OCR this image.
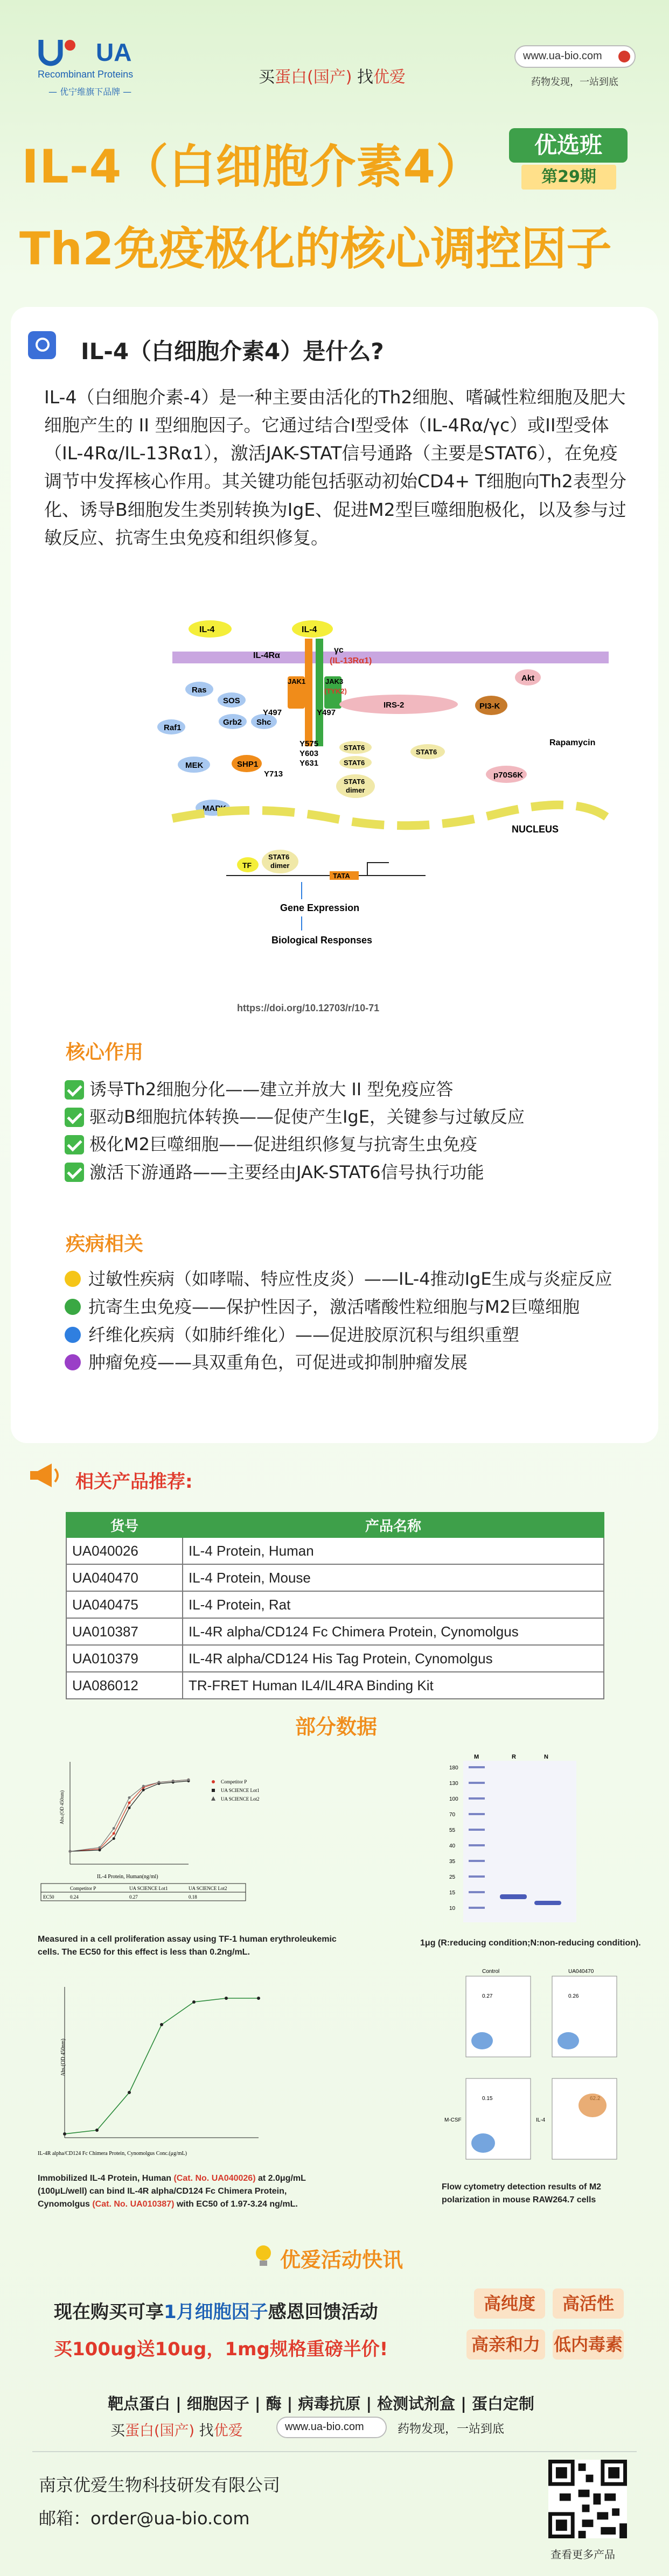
UA
Recombinant Proteins
— 优宁维旗下品牌 —
买蛋白(国产) 找优爱
www.ua-bio.com
药物发现，一站到底
IL-4（白细胞介素4）
Th2免疫极化的核心调控因子
优选班
第29期
IL-4（白细胞介素4）是什么?
IL-4（白细胞介素-4）是一种主要由活化的Th2细胞、嗜碱性粒细胞及肥大细胞产生的 II 型细胞因子。它通过结合I型受体（IL-4Rα/γc）或II型受体（IL-4Rα/IL-13Rα1），激活JAK-STAT信号通路（主要是STAT6），在免疫调节中发挥核心作用。其关键功能包括驱动初始CD4+ T细胞向Th2表型分化、诱导B细胞发生类别转换为IgE、促进M2型巨噬细胞极化，以及参与过敏反应、抗寄生虫免疫和组织修复。
IL-4	IL-4
IL-4Rα
γc
(IL-13Rα1)
Ras
SOS
Grb2 Shc
Raf1
MEK
MAPK
JAK1	JAK3
(TYK2)
Y497	Y497
IRS-2	PI3-K
Akt
Rapamycin
p70S6K
Y575
Y603
Y631
Y713
SHP1
STAT6
STAT6
STAT6
STAT6
dimer
NUCLEUS
TF
STAT6
dimer
TATA
Gene Expression
Biological Responses
https://doi.org/10.12703/r/10-71
核心作用
诱导Th2细胞分化——建立并放大 II 型免疫应答
驱动B细胞抗体转换——促使产生IgE，关键参与过敏反应
极化M2巨噬细胞——促进组织修复与抗寄生虫免疫
激活下游通路——主要经由JAK-STAT6信号执行功能
疾病相关
过敏性疾病（如哮喘、特应性皮炎）——IL-4推动IgE生成与炎症反应
抗寄生虫免疫——保护性因子，激活嗜酸性粒细胞与M2巨噬细胞
纤维化疾病（如肺纤维化）——促进胶原沉积与组织重塑
肿瘤免疫——具双重角色，可促进或抑制肿瘤发展
相关产品推荐:
货号	产品名称
UA040026	IL-4 Protein, Human
UA040470	IL-4 Protein, Mouse
UA040475	IL-4 Protein, Rat
UA010387	IL-4R alpha/CD124 Fc Chimera Protein, Cynomolgus
UA010379	IL-4R alpha/CD124 His Tag Protein, Cynomolgus
UA086012	TR-FRET Human IL4/IL4RA Binding Kit
部分数据
Abs.(OD 450nm)
IL-4 Protein, Human(ng/ml)
Competitor P
UA SCIENCE Lot1
UA SCIENCE Lot2
Competitor P	UA SCIENCE Lot1	UA SCIENCE Lot2
EC50	0.24	0.27	0.18
Measured in a cell proliferation assay using TF-1 human erythroleukemic cells. The EC50 for this effect is less than 0.2ng/mL.
M	R	N
180
130
100
70
55
40
35
25
15
10
1μg (R:reducing condition;N:non-reducing condition).
Abs.(OD 450nm)
IL-4R alpha/CD124 Fc Chimera Protein, Cynomolgus Conc.(μg/mL)
Immobilized IL-4 Protein, Human (Cat. No. UA040026) at 2.0μg/mL (100μL/well) can bind IL-4R alpha/CD124 Fc Chimera Protein, Cynomolgus (Cat. No. UA010387) with EC50 of 1.97-3.24 ng/mL.
Control
0.27
UA040470
0.26
M-CSF
0.15
IL-4
Flow cytometry detection results of M2 polarization in mouse RAW264.7 cells
优爱活动快讯
现在购买可享1月细胞因子感恩回馈活动
买100ug送10ug，1mg规格重磅半价!
高纯度	高活性
高亲和力 低内毒素
靶点蛋白 | 细胞因子 | 酶 | 病毒抗原 | 检测试剂盒 | 蛋白定制
买蛋白(国产) 找优爱	www.ua-bio.com	药物发现，一站到底
南京优爱生物科技研发有限公司
邮箱：order@ua-bio.com
查看更多产品
